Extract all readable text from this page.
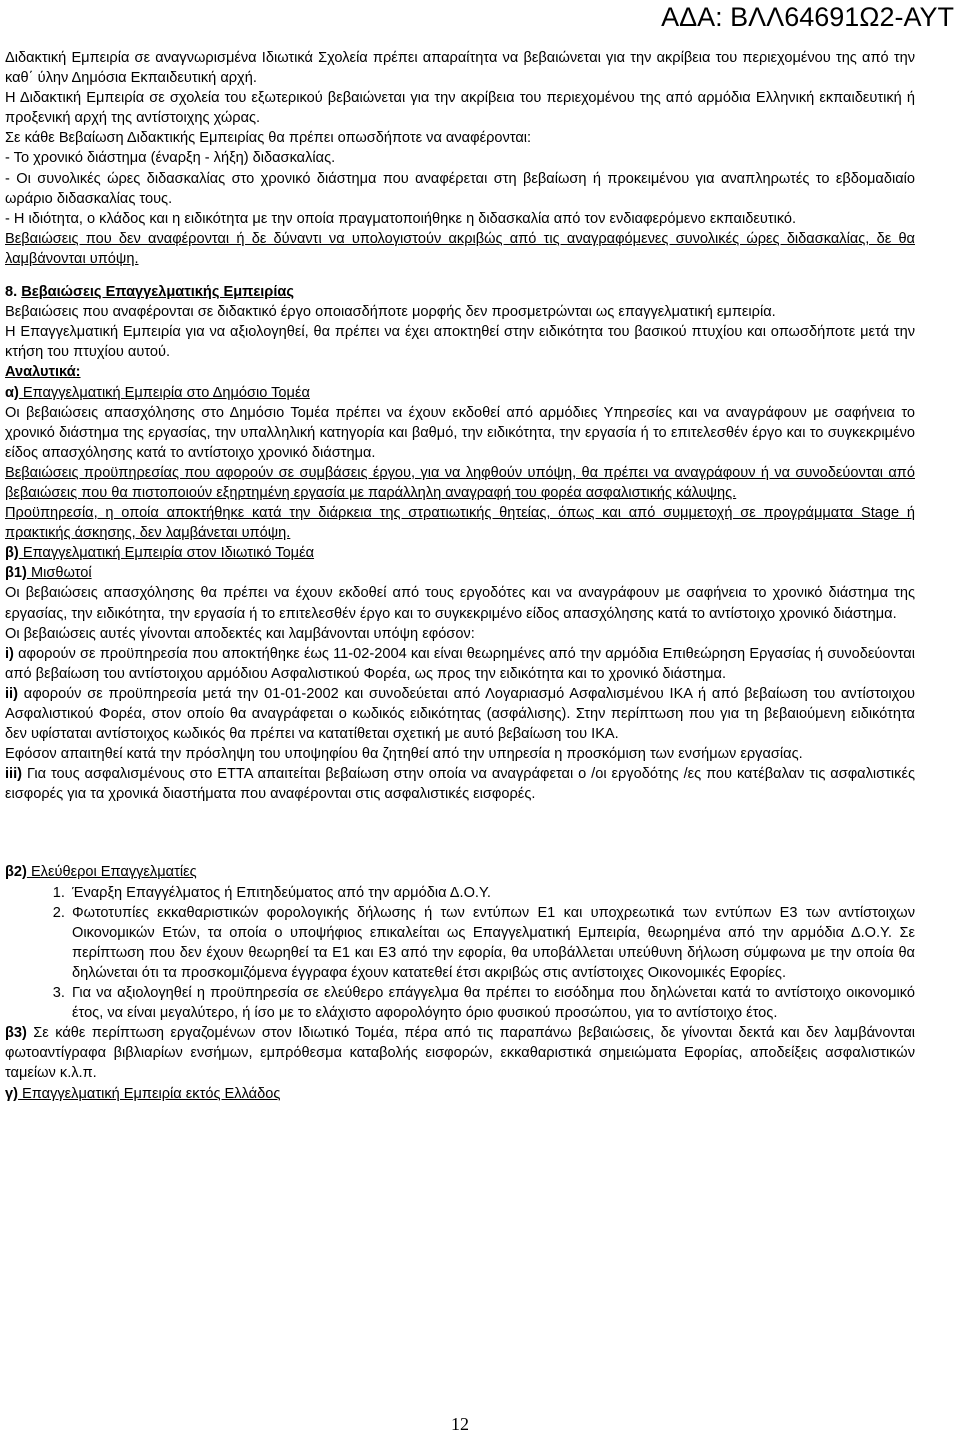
ΑΔΑ: ΒΛΛ64691Ω2-ΑΥΤ

Διδακτική Εμπειρία σε αναγνωρισμένα Ιδιωτικά Σχολεία πρέπει απαραίτητα να βεβαιώνεται για την ακρίβεια του περιεχομένου της από την καθ΄ ύλην Δημόσια Εκπαιδευτική αρχή.

Η Διδακτική Εμπειρία σε σχολεία του εξωτερικού βεβαιώνεται για την ακρίβεια του περιεχομένου της από αρμόδια Ελληνική εκπαιδευτική ή προξενική αρχή της αντίστοιχης χώρας.

Σε κάθε Βεβαίωση Διδακτικής Εμπειρίας θα πρέπει οπωσδήποτε να αναφέρονται:

- Το χρονικό διάστημα (έναρξη - λήξη) διδασκαλίας.

- Οι συνολικές ώρες διδασκαλίας στο χρονικό διάστημα που αναφέρεται στη βεβαίωση ή προκειμένου για αναπληρωτές το εβδομαδιαίο ωράριο διδασκαλίας τους.

- Η ιδιότητα, ο κλάδος και η ειδικότητα με την οποία πραγματοποιήθηκε η διδασκαλία από τον ενδιαφερόμενο εκπαιδευτικό.

Βεβαιώσεις που δεν αναφέρονται ή δε δύναντι να υπολογιστούν ακριβώς από τις αναγραφόμενες συνολικές ώρες διδασκαλίας, δε θα λαμβάνονται υπόψη.

8. Βεβαιώσεις Επαγγελματικής Εμπειρίας

Βεβαιώσεις που αναφέρονται σε διδακτικό έργο οποιασδήποτε μορφής δεν προσμετρώνται ως επαγγελματική εμπειρία.

Η Επαγγελματική Εμπειρία για να αξιολογηθεί, θα πρέπει να έχει αποκτηθεί στην ειδικότητα του βασικού πτυχίου και οπωσδήποτε μετά την κτήση του πτυχίου αυτού.

Αναλυτικά:

α) Επαγγελματική Εμπειρία στο Δημόσιο Τομέα

Οι βεβαιώσεις απασχόλησης στο Δημόσιο Τομέα πρέπει να έχουν εκδοθεί από αρμόδιες Υπηρεσίες και να αναγράφουν με σαφήνεια το χρονικό διάστημα της εργασίας, την υπαλληλική κατηγορία και βαθμό, την ειδικότητα, την εργασία ή το επιτελεσθέν έργο και το συγκεκριμένο είδος απασχόλησης κατά το αντίστοιχο χρονικό διάστημα.

Βεβαιώσεις προϋπηρεσίας που αφορούν σε συμβάσεις έργου, για να ληφθούν υπόψη, θα πρέπει να αναγράφουν ή να συνοδεύονται από βεβαιώσεις που θα πιστοποιούν εξηρτημένη εργασία με παράλληλη αναγραφή του φορέα ασφαλιστικής κάλυψης.

Προϋπηρεσία, η οποία αποκτήθηκε κατά την διάρκεια της στρατιωτικής θητείας, όπως και από συμμετοχή σε προγράμματα Stage ή πρακτικής άσκησης, δεν λαμβάνεται υπόψη.

β) Επαγγελματική Εμπειρία στον Ιδιωτικό Τομέα

β1) Μισθωτοί

Οι βεβαιώσεις απασχόλησης θα πρέπει να έχουν εκδοθεί από τους εργοδότες και να αναγράφουν με σαφήνεια το χρονικό διάστημα της εργασίας, την ειδικότητα, την εργασία ή το επιτελεσθέν έργο και το συγκεκριμένο είδος απασχόλησης κατά το αντίστοιχο χρονικό διάστημα.

Οι βεβαιώσεις αυτές γίνονται αποδεκτές και λαμβάνονται υπόψη εφόσον:

i) αφορούν σε προϋπηρεσία που αποκτήθηκε έως 11-02-2004 και είναι θεωρημένες από την αρμόδια Επιθεώρηση Εργασίας ή συνοδεύονται από βεβαίωση του αντίστοιχου αρμόδιου Ασφαλιστικού Φορέα, ως προς την ειδικότητα και το χρονικό διάστημα.

ii) αφορούν σε προϋπηρεσία μετά την 01-01-2002 και συνοδεύεται από Λογαριασμό Ασφαλισμένου ΙΚΑ ή από βεβαίωση του αντίστοιχου Ασφαλιστικού Φορέα, στον οποίο θα αναγράφεται ο κωδικός ειδικότητας (ασφάλισης). Στην περίπτωση που για τη βεβαιούμενη ειδικότητα δεν υφίσταται αντίστοιχος κωδικός θα πρέπει να κατατίθεται σχετική με αυτό βεβαίωση του ΙΚΑ.

Εφόσον απαιτηθεί κατά την πρόσληψη του υποψηφίου θα ζητηθεί από την υπηρεσία η προσκόμιση των ενσήμων εργασίας.

iii) Για τους ασφαλισμένους στο ΕΤΤΑ απαιτείται βεβαίωση στην οποία να αναγράφεται ο /οι εργοδότης /ες που κατέβαλαν τις ασφαλιστικές εισφορές για τα χρονικά διαστήματα που αναφέρονται στις ασφαλιστικές εισφορές.

β2) Ελεύθεροι Επαγγελματίες

1. Έναρξη Επαγγέλματος ή Επιτηδεύματος από την αρμόδια Δ.Ο.Υ.
2. Φωτοτυπίες εκκαθαριστικών φορολογικής δήλωσης ή των εντύπων Ε1 και υποχρεωτικά των εντύπων Ε3 των αντίστοιχων Οικονομικών Ετών, τα οποία ο υποψήφιος επικαλείται ως Επαγγελματική Εμπειρία, θεωρημένα από την αρμόδια Δ.Ο.Υ. Σε περίπτωση που δεν έχουν θεωρηθεί τα Ε1 και Ε3 από την εφορία, θα υποβάλλεται υπεύθυνη δήλωση σύμφωνα με την οποία θα δηλώνεται ότι τα προσκομιζόμενα έγγραφα έχουν κατατεθεί έτσι ακριβώς στις αντίστοιχες Οικονομικές Εφορίες.
3. Για να αξιολογηθεί η προϋπηρεσία σε ελεύθερο επάγγελμα θα πρέπει το εισόδημα που δηλώνεται κατά το αντίστοιχο οικονομικό έτος, να είναι μεγαλύτερο, ή ίσο με το ελάχιστο αφορολόγητο όριο φυσικού προσώπου, για το αντίστοιχο έτος.

β3) Σε κάθε περίπτωση εργαζομένων στον Ιδιωτικό Τομέα, πέρα από τις παραπάνω βεβαιώσεις, δε γίνονται δεκτά και δεν λαμβάνονται φωτοαντίγραφα βιβλιαρίων ενσήμων, εμπρόθεσμα καταβολής εισφορών, εκκαθαριστικά σημειώματα Εφορίας, αποδείξεις ασφαλιστικών ταμείων κ.λ.π.

γ) Επαγγελματική Εμπειρία εκτός Ελλάδος

12
